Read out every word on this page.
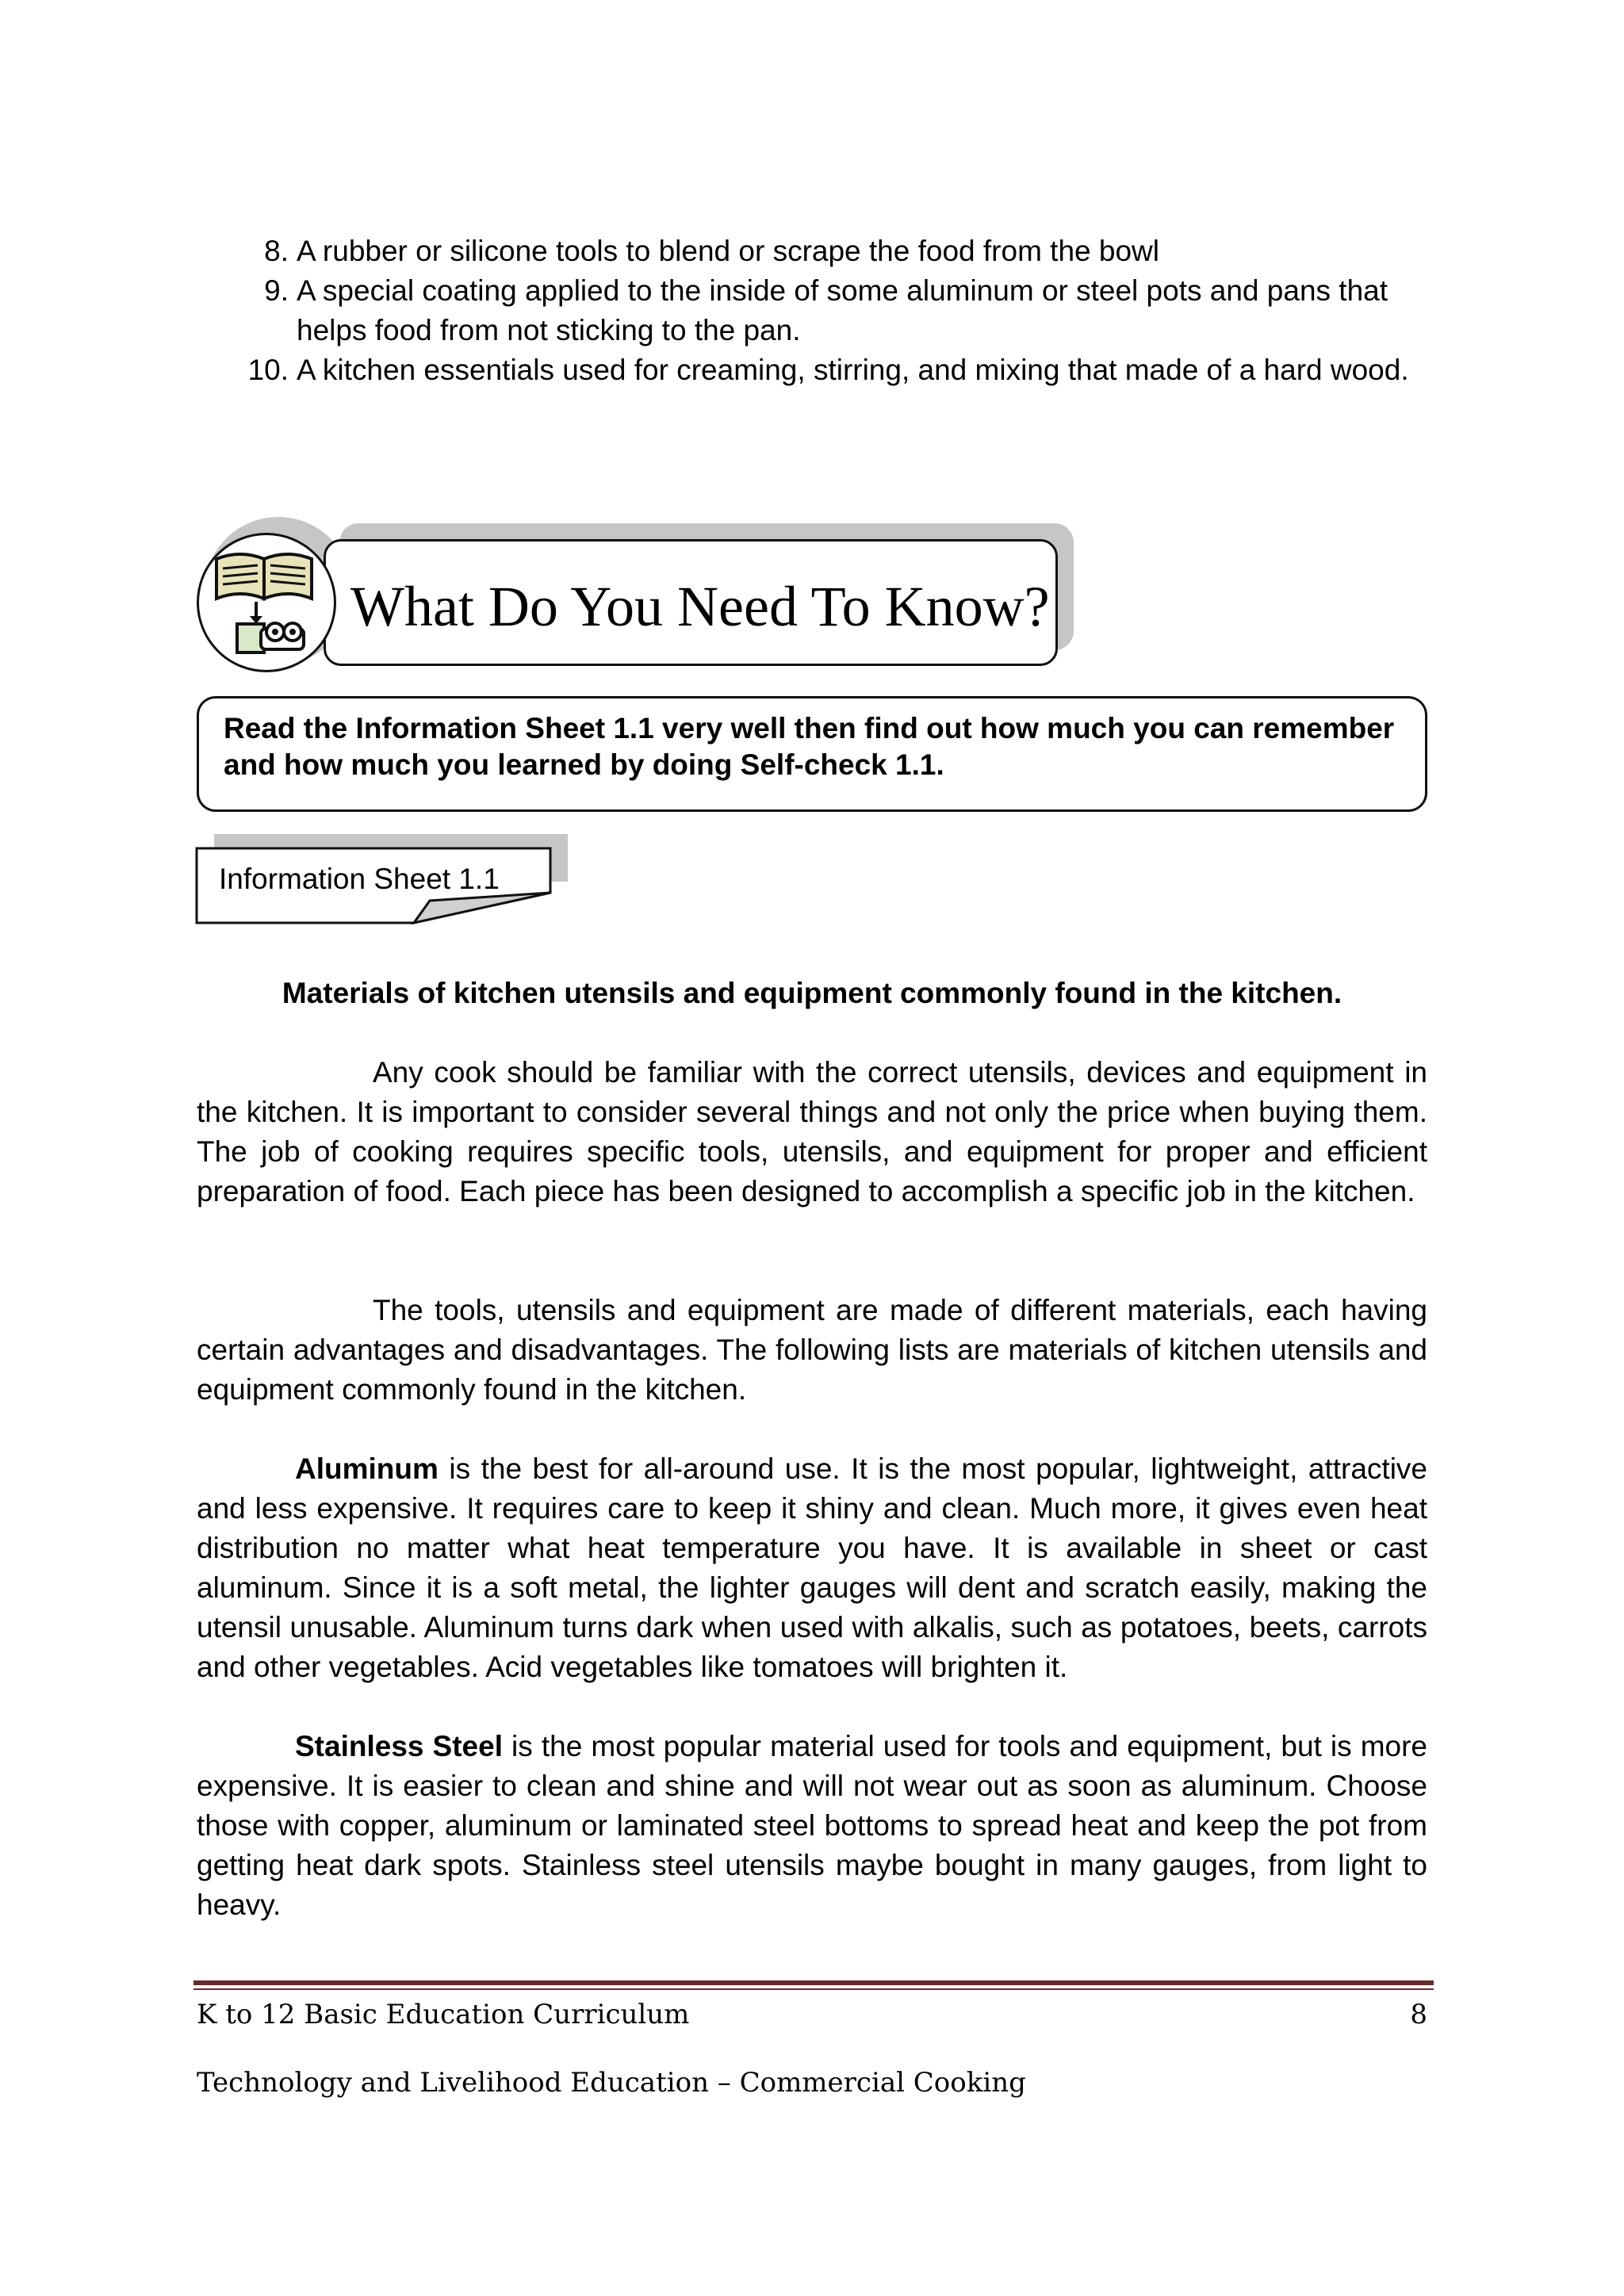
8. A rubber or silicone tools to blend or scrape the food from the bowl
9. A special coating applied to the inside of some aluminum or steel pots and pans that helps food from not sticking to the pan.
10. A kitchen essentials used for creaming, stirring, and mixing that made of a hard wood.
What Do You Need To Know?
Read the Information Sheet 1.1 very well then find out how much you can remember and how much you learned by doing Self-check 1.1.
Information Sheet 1.1
Materials of kitchen utensils and equipment commonly found in the kitchen.

Any cook should be familiar with the correct utensils, devices and equipment in the kitchen. It is important to consider several things and not only the price when buying them. The job of cooking requires specific tools, utensils, and equipment for proper and efficient preparation of food. Each piece has been designed to accomplish a specific job in the kitchen.

The tools, utensils and equipment are made of different materials, each having certain advantages and disadvantages. The following lists are materials of kitchen utensils and equipment commonly found in the kitchen.

Aluminum is the best for all-around use. It is the most popular, lightweight, attractive and less expensive. It requires care to keep it shiny and clean. Much more, it gives even heat distribution no matter what heat temperature you have. It is available in sheet or cast aluminum. Since it is a soft metal, the lighter gauges will dent and scratch easily, making the utensil unusable. Aluminum turns dark when used with alkalis, such as potatoes, beets, carrots and other vegetables. Acid vegetables like tomatoes will brighten it.

Stainless Steel is the most popular material used for tools and equipment, but is more expensive. It is easier to clean and shine and will not wear out as soon as aluminum. Choose those with copper, aluminum or laminated steel bottoms to spread heat and keep the pot from getting heat dark spots. Stainless steel utensils maybe bought in many gauges, from light to heavy.

K to 12 Basic Education Curriculum	8
Technology and Livelihood Education – Commercial Cooking
